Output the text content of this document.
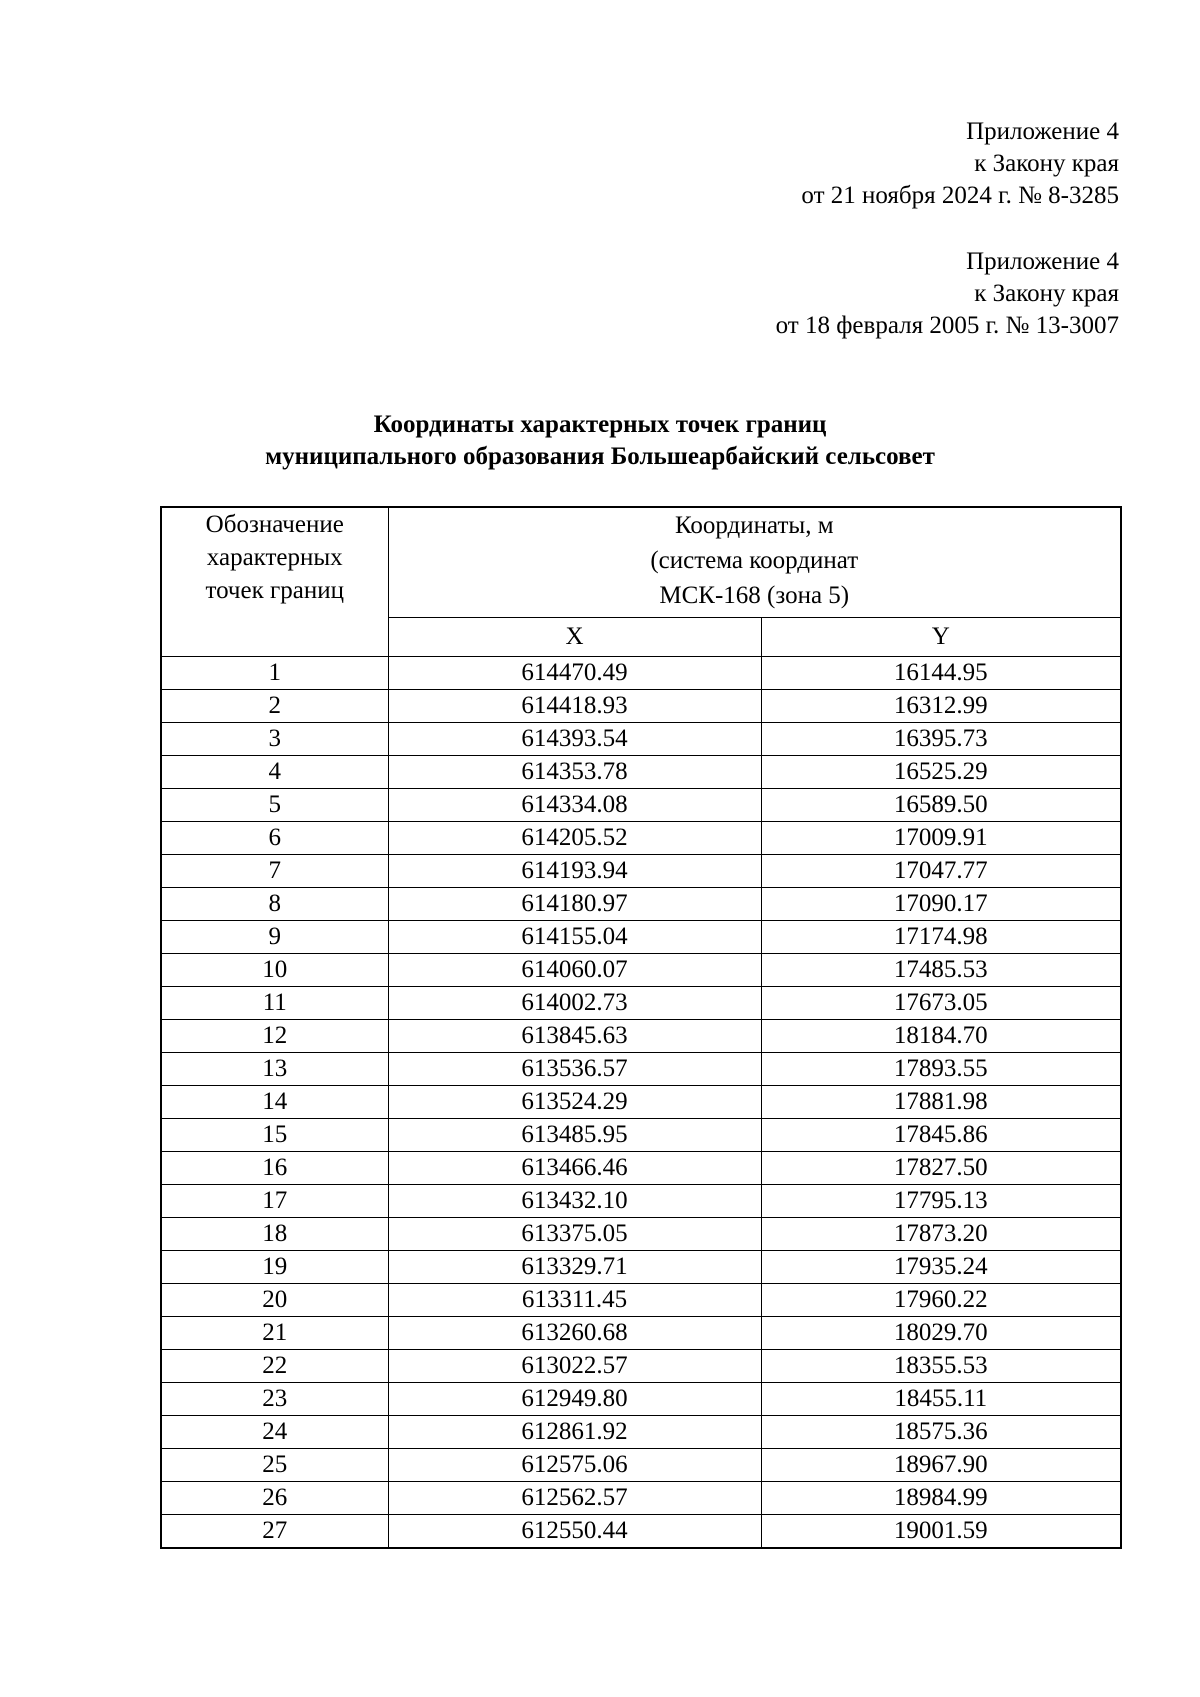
Приложение 4
к Закону края
от 21 ноября 2024 г. № 8-3285
Приложение 4
к Закону края
от 18 февраля 2005 г. № 13-3007
Координаты характерных точек границ
муниципального образования Большеарбайский сельсовет
Обозначение
характерных
точек границ	Координаты, м
(система координат
МСК-168 (зона 5)	

	X	Y
1	614470.49	16144.95
2	614418.93	16312.99
3	614393.54	16395.73
4	614353.78	16525.29
5	614334.08	16589.50
6	614205.52	17009.91
7	614193.94	17047.77
8	614180.97	17090.17
9	614155.04	17174.98
10	614060.07	17485.53
11	614002.73	17673.05
12	613845.63	18184.70
13	613536.57	17893.55
14	613524.29	17881.98
15	613485.95	17845.86
16	613466.46	17827.50
17	613432.10	17795.13
18	613375.05	17873.20
19	613329.71	17935.24
20	613311.45	17960.22
21	613260.68	18029.70
22	613022.57	18355.53
23	612949.80	18455.11
24	612861.92	18575.36
25	612575.06	18967.90
26	612562.57	18984.99
27	612550.44	19001.59
